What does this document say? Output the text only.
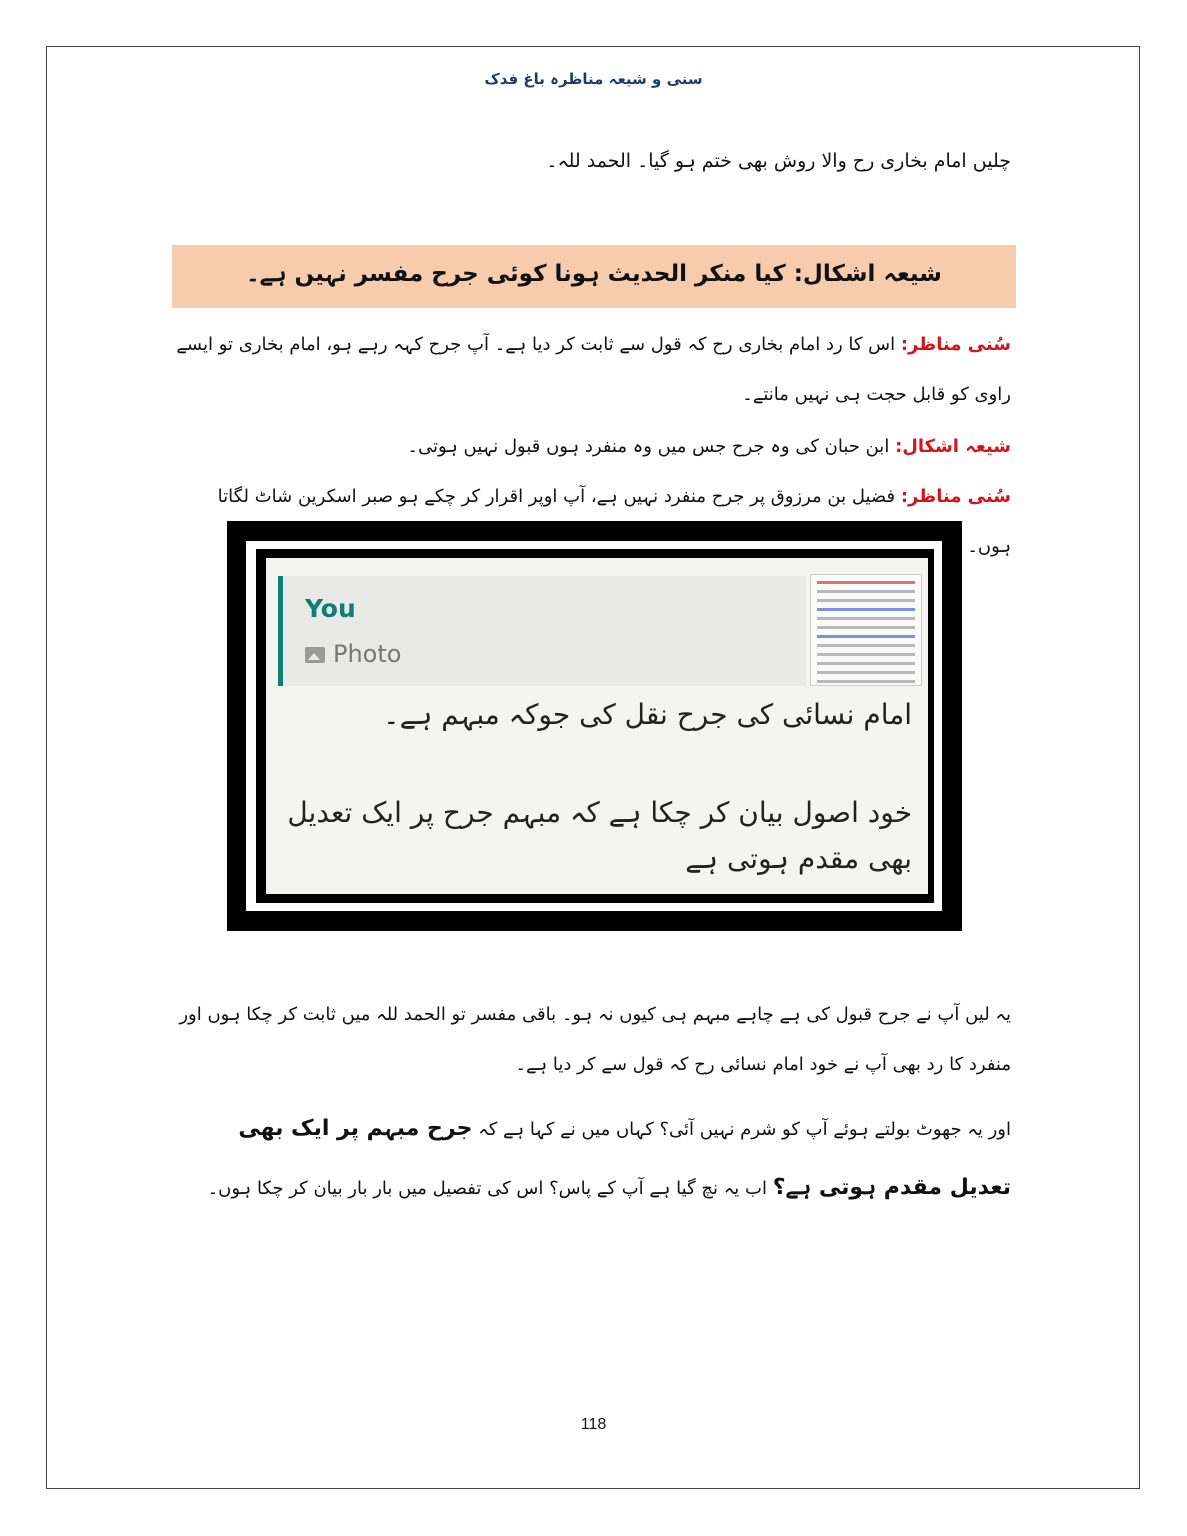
سنی و شیعہ مناظرہ باغ فدک
چلیں امام بخاری رح والا روش بھی ختم ہو گیا۔ الحمد للہ۔
شیعہ اشکال: کیا منکر الحدیث ہونا کوئی جرح مفسر نہیں ہے۔
سُنی مناظر: اس کا رد امام بخاری رح کہ قول سے ثابت کر دیا ہے۔ آپ جرح کہہ رہے ہو، امام بخاری تو ایسے راوی کو قابل حجت ہی نہیں مانتے۔
شیعہ اشکال: ابن حبان کی وہ جرح جس میں وہ منفرد ہوں قبول نہیں ہوتی۔
سُنی مناظر: فضیل بن مرزوق پر جرح منفرد نہیں ہے، آپ اوپر اقرار کر چکے ہو صبر اسکرین شاٹ لگاتا ہوں۔
You
Photo
امام نسائی کی جرح نقل کی جوکہ مبہم ہے۔
خود اصول بیان کر چکا ہے کہ مبہم جرح پر ایک تعدیل بھی مقدم ہوتی ہے
یہ لیں آپ نے جرح قبول کی ہے چاہے مبہم ہی کیوں نہ ہو۔ باقی مفسر تو الحمد للہ میں ثابت کر چکا ہوں اور منفرد کا رد بھی آپ نے خود امام نسائی رح کہ قول سے کر دیا ہے۔
اور یہ جھوٹ بولتے ہوئے آپ کو شرم نہیں آئی؟ کہاں میں نے کہا ہے کہ جرح مبہم پر ایک بھی تعدیل مقدم ہوتی ہے؟ اب یہ نچ گیا ہے آپ کے پاس؟ اس کی تفصیل میں بار بار بیان کر چکا ہوں۔
118
